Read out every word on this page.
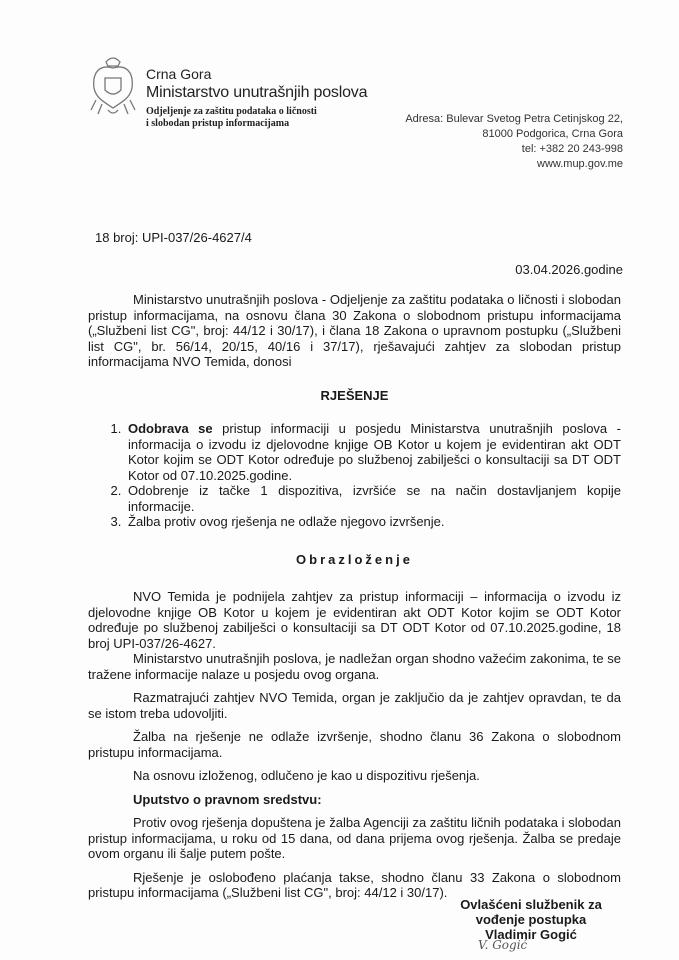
Crna Gora
Ministarstvo unutrašnjih poslova
Odjeljenje za zaštitu podataka o ličnosti
i slobodan pristup informacijama	Adresa: Bulevar Svetog Petra Cetinjskog 22,
81000 Podgorica, Crna Gora
tel: +382 20 243-998
www.mup.gov.me
18 broj: UPI-037/26-4627/4
03.04.2026.godine

Ministarstvo unutrašnjih poslova - Odjeljenje za zaštitu podataka o ličnosti i slobodan pristup informacijama, na osnovu člana 30 Zakona o slobodnom pristupu informacijama („Službeni list CG", broj: 44/12 i 30/17), i člana 18 Zakona o upravnom postupku („Službeni list CG", br. 56/14, 20/15, 40/16 i 37/17), rješavajući zahtjev za slobodan pristup informacijama NVO Temida, donosi

RJEŠENJE
1. Odobrava se pristup informaciji u posjedu Ministarstva unutrašnjih poslova - informacija o izvodu iz djelovodne knjige OB Kotor u kojem je evidentiran akt ODT Kotor kojim se ODT Kotor određuje po službenoj zabilješci o konsultaciji sa DT ODT Kotor od 07.10.2025.godine.
2. Odobrenje iz tačke 1 dispozitiva, izvršiće se na način dostavljanjem kopije informacije.
3. Žalba protiv ovog rješenja ne odlaže njegovo izvršenje.
Obrazloženje

NVO Temida je podnijela zahtjev za pristup informaciji – informacija o izvodu iz djelovodne knjige OB Kotor u kojem je evidentiran akt ODT Kotor kojim se ODT Kotor određuje po službenoj zabilješci o konsultaciji sa DT ODT Kotor od 07.10.2025.godine, 18 broj UPI-037/26-4627.

Ministarstvo unutrašnjih poslova, je nadležan organ shodno važećim zakonima, te se tražene informacije nalaze u posjedu ovog organa.

Razmatrajući zahtjev NVO Temida, organ je zaključio da je zahtjev opravdan, te da se istom treba udovoljiti.

Žalba na rješenje ne odlaže izvršenje, shodno članu 36 Zakona o slobodnom pristupu informacijama.

Na osnovu izloženog, odlučeno je kao u dispozitivu rješenja.

Uputstvo o pravnom sredstvu:

Protiv ovog rješenja dopuštena je žalba Agenciji za zaštitu ličnih podataka i slobodan pristup informacijama, u roku od 15 dana, od dana prijema ovog rješenja. Žalba se predaje ovom organu ili šalje putem pošte.

Rješenje je oslobođeno plaćanja takse, shodno članu 33 Zakona o slobodnom pristupu informacijama („Službeni list CG", broj: 44/12 i 30/17).

Ovlašćeni službenik za
vođenje postupka
Vladimir Gogić
V. Gogić
